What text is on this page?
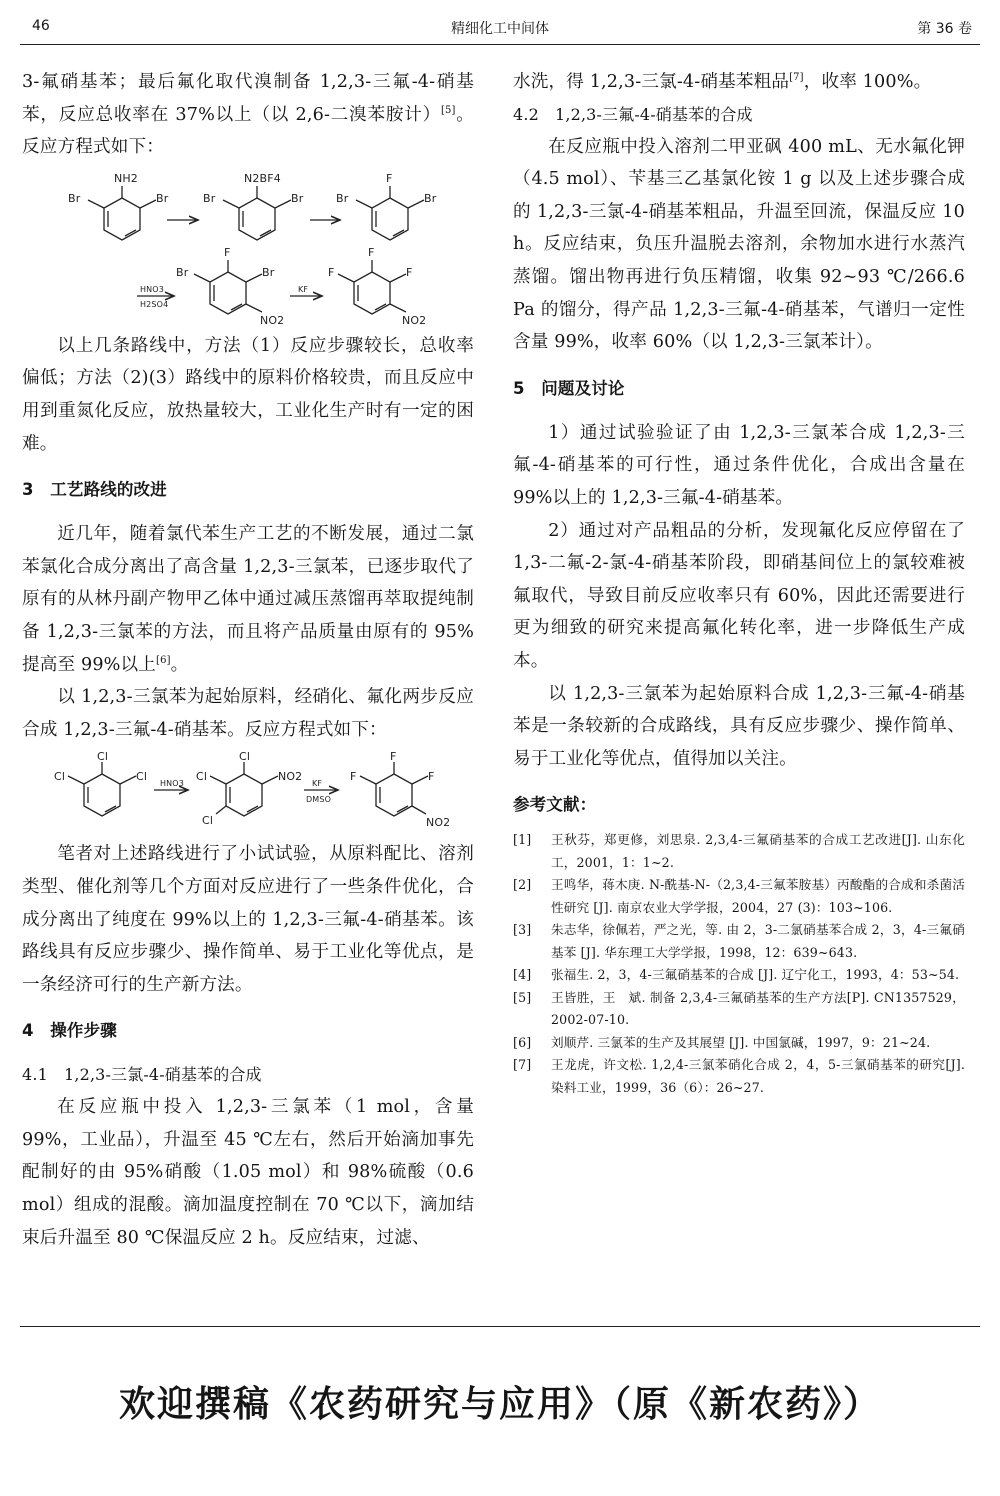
46	精细化工中间体	第 36 卷

3-氟硝基苯；最后氟化取代溴制备 1,2,3-三氟-4-硝基苯，反应总收率在 37%以上（以 2,6-二溴苯胺计）[5]。反应方程式如下：

NH2
Br	Br
N2BF4
Br	Br
F
Br	Br
F
Br	Br
NO2
F
F	F
NO2
HNO3
H2SO4
KF

以上几条路线中，方法（1）反应步骤较长，总收率偏低；方法（2)(3）路线中的原料价格较贵，而且反应中用到重氮化反应，放热量较大，工业化生产时有一定的困难。

3　工艺路线的改进

近几年，随着氯代苯生产工艺的不断发展，通过二氯苯氯化合成分离出了高含量 1,2,3-三氯苯，已逐步取代了原有的从林丹副产物甲乙体中通过减压蒸馏再萃取提纯制备 1,2,3-三氯苯的方法，而且将产品质量由原有的 95%提高至 99%以上[6]。

以 1,2,3-三氯苯为起始原料，经硝化、氟化两步反应合成 1,2,3-三氟-4-硝基苯。反应方程式如下：

Cl
Cl	Cl
Cl
Cl	NO2
Cl
F
F	F
NO2
HNO3	KF
DMSO

笔者对上述路线进行了小试试验，从原料配比、溶剂类型、催化剂等几个方面对反应进行了一些条件优化，合成分离出了纯度在 99%以上的 1,2,3-三氟-4-硝基苯。该路线具有反应步骤少、操作简单、易于工业化等优点，是一条经济可行的生产新方法。

4　操作步骤
4.1　1,2,3-三氯-4-硝基苯的合成

在反应瓶中投入 1,2,3-三氯苯（1 mol，含量 99%，工业品），升温至 45 ℃左右，然后开始滴加事先配制好的由 95%硝酸（1.05 mol）和 98%硫酸（0.6 mol）组成的混酸。滴加温度控制在 70 ℃以下，滴加结束后升温至 80 ℃保温反应 2 h。反应结束，过滤、

水洗，得 1,2,3-三氯-4-硝基苯粗品[7]，收率 100%。

4.2　1,2,3-三氟-4-硝基苯的合成

在反应瓶中投入溶剂二甲亚砜 400 mL、无水氟化钾（4.5 mol）、苄基三乙基氯化铵 1 g 以及上述步骤合成的 1,2,3-三氯-4-硝基苯粗品，升温至回流，保温反应 10 h。反应结束，负压升温脱去溶剂，余物加水进行水蒸汽蒸馏。馏出物再进行负压精馏，收集 92~93 ℃/266.6 Pa 的馏分，得产品 1,2,3-三氟-4-硝基苯，气谱归一定性含量 99%，收率 60%（以 1,2,3-三氯苯计）。

5　问题及讨论

1）通过试验验证了由 1,2,3-三氯苯合成 1,2,3-三氟-4-硝基苯的可行性，通过条件优化，合成出含量在 99%以上的 1,2,3-三氟-4-硝基苯。

2）通过对产品粗品的分析，发现氟化反应停留在了 1,3-二氟-2-氯-4-硝基苯阶段，即硝基间位上的氯较难被氟取代，导致目前反应收率只有 60%，因此还需要进行更为细致的研究来提高氟化转化率，进一步降低生产成本。

以 1,2,3-三氯苯为起始原料合成 1,2,3-三氟-4-硝基苯是一条较新的合成路线，具有反应步骤少、操作简单、易于工业化等优点，值得加以关注。

参考文献：
[1] 王秋芬，郑更修，刘思泉. 2,3,4-三氟硝基苯的合成工艺改进[J]. 山东化工，2001，1：1~2.
[2] 王鸣华，蒋木庚. N-酰基-N-（2,3,4-三氟苯胺基）丙酸酯的合成和杀菌活性研究 [J]. 南京农业大学学报，2004，27 (3)：103~106.
[3] 朱志华，徐佩若，严之光，等. 由 2，3-二氯硝基苯合成 2，3，4-三氟硝基苯 [J]. 华东理工大学学报，1998，12：639~643.
[4] 张福生. 2，3，4-三氟硝基苯的合成 [J]. 辽宁化工，1993，4：53~54.
[5] 王皆胜，王　斌. 制备 2,3,4-三氟硝基苯的生产方法[P]. CN1357529，2002-07-10.
[6] 刘顺芹. 三氯苯的生产及其展望 [J]. 中国氯碱，1997，9：21~24.
[7] 王龙虎，许文松. 1,2,4-三氯苯硝化合成 2，4，5-三氯硝基苯的研究[J]. 染料工业，1999，36（6）：26~27.
欢迎撰稿《农药研究与应用》（原《新农药》）
